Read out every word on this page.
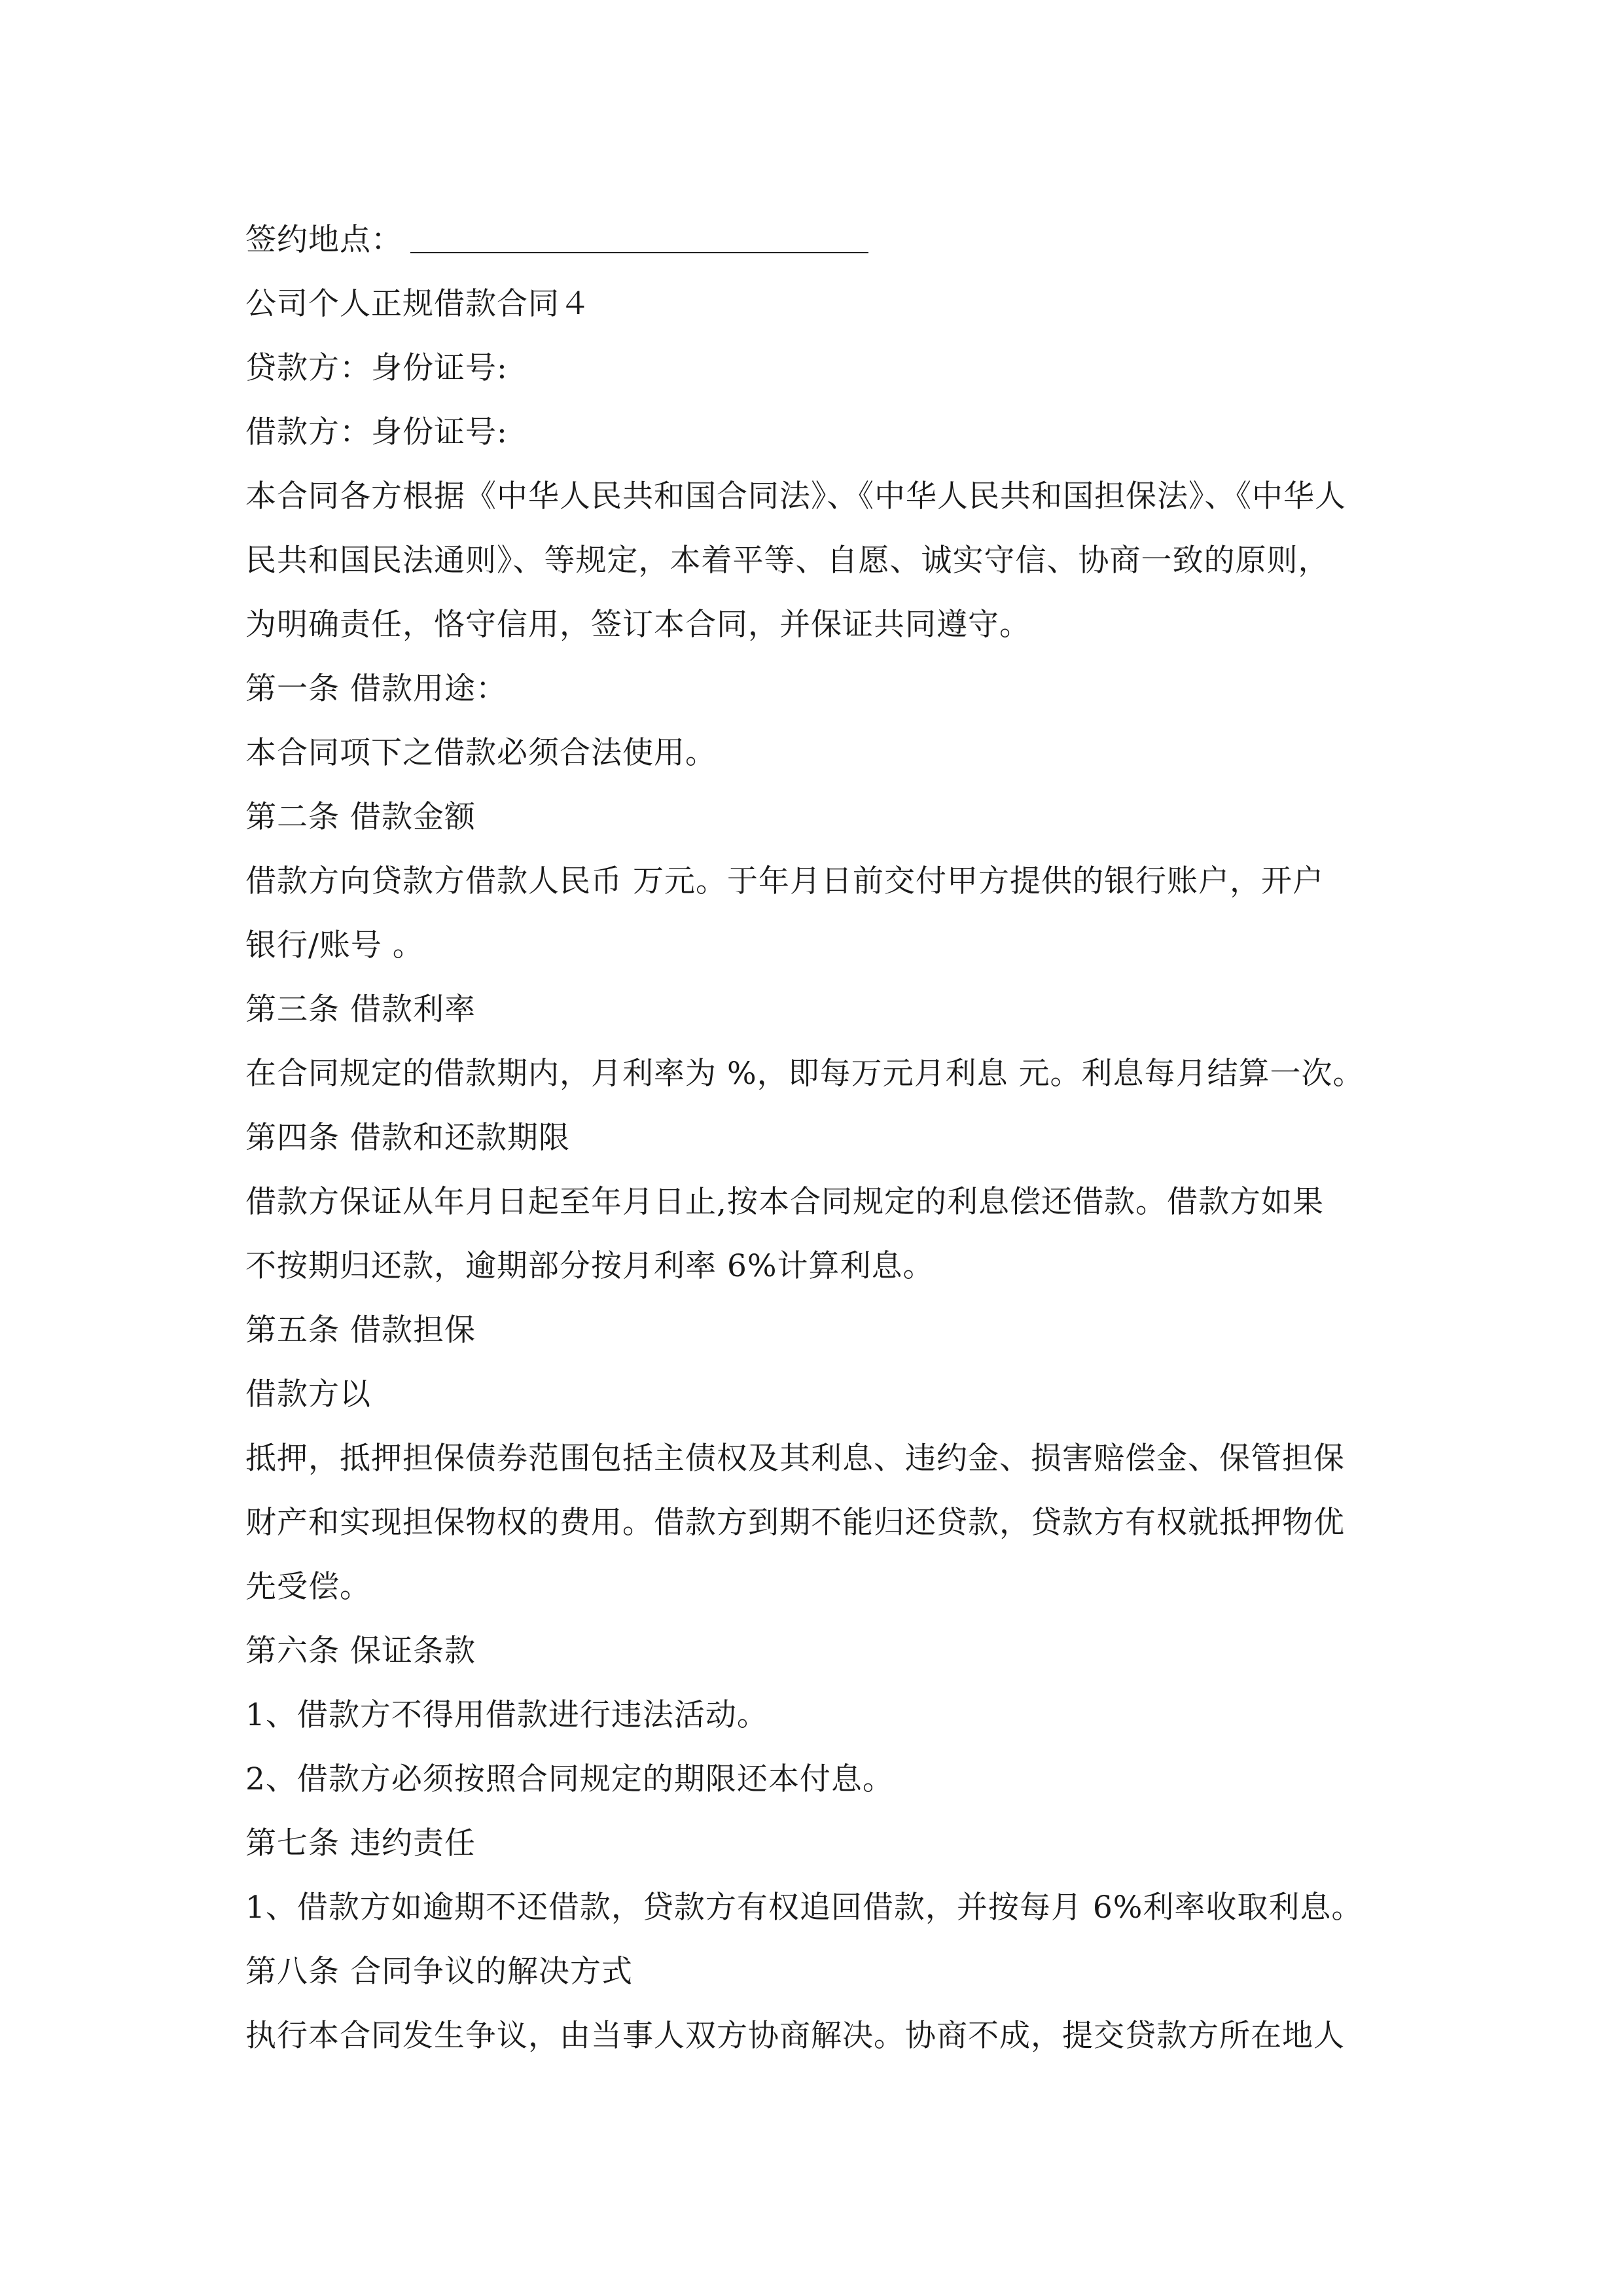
签约地点：
公司个人正规借款合同４
贷款方：身份证号:
借款方：身份证号:
本合同各方根据《中华人民共和国合同法》、《中华人民共和国担保法》、《中华人
民共和国民法通则》、等规定，本着平等、自愿、诚实守信、协商一致的原则，
为明确责任，恪守信用，签订本合同，并保证共同遵守。
第一条 借款用途：
本合同项下之借款必须合法使用。
第二条 借款金额
借款方向贷款方借款人民币 万元。于年月日前交付甲方提供的银行账户，开户
银行/账号 。
第三条 借款利率
在合同规定的借款期内，月利率为 %，即每万元月利息 元。利息每月结算一次。
第四条 借款和还款期限
借款方保证从年月日起至年月日止,按本合同规定的利息偿还借款。借款方如果
不按期归还款，逾期部分按月利率 6%计算利息。
第五条 借款担保
借款方以
抵押，抵押担保债券范围包括主债权及其利息、违约金、损害赔偿金、保管担保
财产和实现担保物权的费用。借款方到期不能归还贷款，贷款方有权就抵押物优
先受偿。
第六条 保证条款
1、借款方不得用借款进行违法活动。
2、借款方必须按照合同规定的期限还本付息。
第七条 违约责任
1、借款方如逾期不还借款，贷款方有权追回借款，并按每月 6%利率收取利息。
第八条 合同争议的解决方式
执行本合同发生争议，由当事人双方协商解决。协商不成，提交贷款方所在地人
